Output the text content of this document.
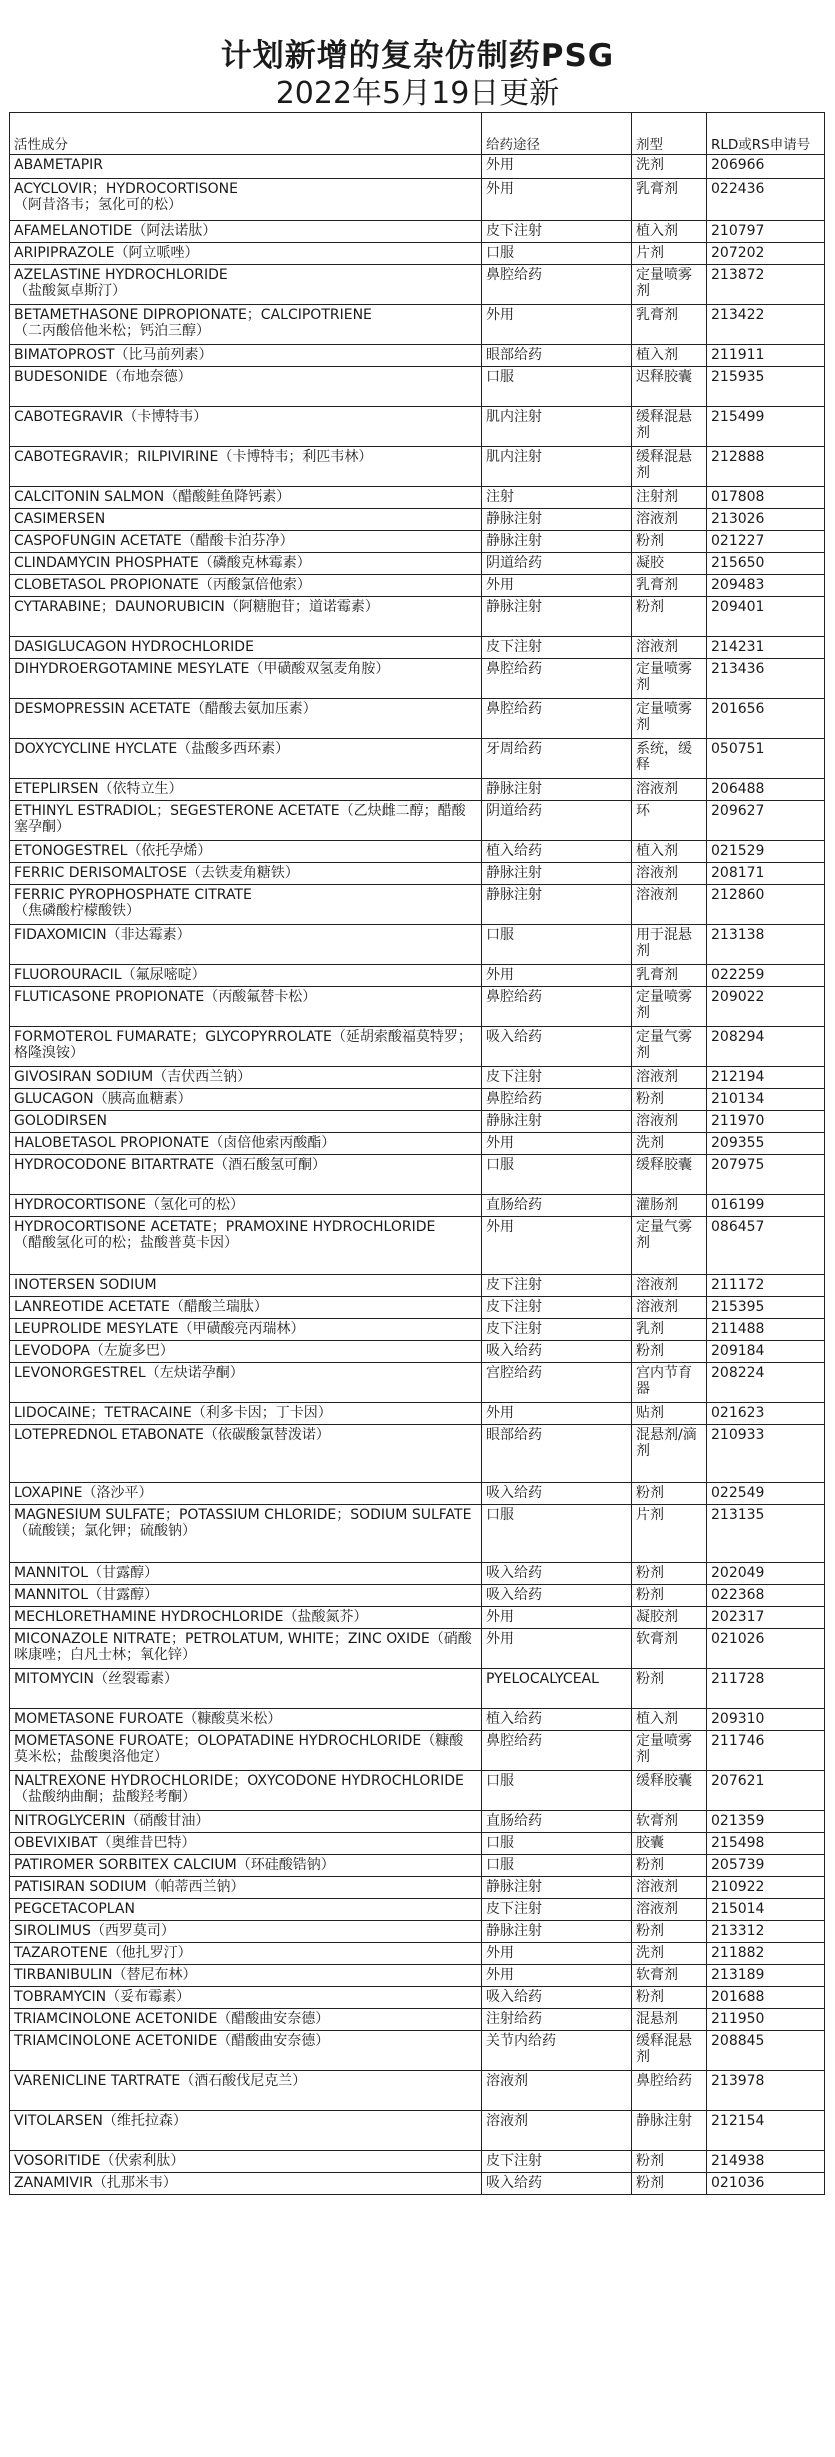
计划新增的复杂仿制药PSG
2022年5月19日更新
活性成分	给药途径	剂型	RLD或RS申请号
ABAMETAPIR	外用	洗剂	206966
ACYCLOVIR；HYDROCORTISONE
（阿昔洛韦；氢化可的松）	外用	乳膏剂	022436
AFAMELANOTIDE（阿法诺肽）	皮下注射	植入剂	210797
ARIPIPRAZOLE（阿立哌唑）	口服	片剂	207202
AZELASTINE HYDROCHLORIDE
（盐酸氮卓斯汀）	鼻腔给药	定量喷雾剂	213872
BETAMETHASONE DIPROPIONATE；CALCIPOTRIENE
（二丙酸倍他米松；钙泊三醇）	外用	乳膏剂	213422
BIMATOPROST（比马前列素）	眼部给药	植入剂	211911
BUDESONIDE（布地奈德）	口服	迟释胶囊	215935
CABOTEGRAVIR（卡博特韦）	肌内注射	缓释混悬剂	215499
CABOTEGRAVIR；RILPIVIRINE（卡博特韦；利匹韦林）	肌内注射	缓释混悬剂	212888
CALCITONIN SALMON（醋酸鲑鱼降钙素）	注射	注射剂	017808
CASIMERSEN	静脉注射	溶液剂	213026
CASPOFUNGIN ACETATE（醋酸卡泊芬净）	静脉注射	粉剂	021227
CLINDAMYCIN PHOSPHATE（磷酸克林霉素）	阴道给药	凝胶	215650
CLOBETASOL PROPIONATE（丙酸氯倍他索）	外用	乳膏剂	209483
CYTARABINE；DAUNORUBICIN（阿糖胞苷；道诺霉素）	静脉注射	粉剂	209401
DASIGLUCAGON HYDROCHLORIDE	皮下注射	溶液剂	214231
DIHYDROERGOTAMINE MESYLATE（甲磺酸双氢麦角胺）	鼻腔给药	定量喷雾剂	213436
DESMOPRESSIN ACETATE（醋酸去氨加压素）	鼻腔给药	定量喷雾剂	201656
DOXYCYCLINE HYCLATE（盐酸多西环素）	牙周给药	系统，缓释	050751
ETEPLIRSEN（依特立生）	静脉注射	溶液剂	206488
ETHINYL ESTRADIOL；SEGESTERONE ACETATE（乙炔雌二醇；醋酸塞孕酮）	阴道给药	环	209627
ETONOGESTREL（依托孕烯）	植入给药	植入剂	021529
FERRIC DERISOMALTOSE（去铁麦角糖铁）	静脉注射	溶液剂	208171
FERRIC PYROPHOSPHATE CITRATE
（焦磷酸柠檬酸铁）	静脉注射	溶液剂	212860
FIDAXOMICIN（非达霉素）	口服	用于混悬剂	213138
FLUOROURACIL（氟尿嘧啶）	外用	乳膏剂	022259
FLUTICASONE PROPIONATE（丙酸氟替卡松）	鼻腔给药	定量喷雾剂	209022
FORMOTEROL FUMARATE；GLYCOPYRROLATE（延胡索酸福莫特罗；格隆溴铵）	吸入给药	定量气雾剂	208294
GIVOSIRAN SODIUM（吉伏西兰钠）	皮下注射	溶液剂	212194
GLUCAGON（胰高血糖素）	鼻腔给药	粉剂	210134
GOLODIRSEN	静脉注射	溶液剂	211970
HALOBETASOL PROPIONATE（卤倍他索丙酸酯）	外用	洗剂	209355
HYDROCODONE BITARTRATE（酒石酸氢可酮）	口服	缓释胶囊	207975
HYDROCORTISONE（氢化可的松）	直肠给药	灌肠剂	016199
HYDROCORTISONE ACETATE；PRAMOXINE HYDROCHLORIDE
（醋酸氢化可的松；盐酸普莫卡因）	外用	定量气雾剂	086457
INOTERSEN SODIUM	皮下注射	溶液剂	211172
LANREOTIDE ACETATE（醋酸兰瑞肽）	皮下注射	溶液剂	215395
LEUPROLIDE MESYLATE（甲磺酸亮丙瑞林）	皮下注射	乳剂	211488
LEVODOPA（左旋多巴）	吸入给药	粉剂	209184
LEVONORGESTREL（左炔诺孕酮）	宫腔给药	宫内节育器	208224
LIDOCAINE；TETRACAINE（利多卡因；丁卡因）	外用	贴剂	021623
LOTEPREDNOL ETABONATE（依碳酸氯替泼诺）	眼部给药	混悬剂/滴剂	210933
LOXAPINE（洛沙平）	吸入给药	粉剂	022549
MAGNESIUM SULFATE；POTASSIUM CHLORIDE；SODIUM SULFATE
（硫酸镁；氯化钾；硫酸钠）	口服	片剂	213135
MANNITOL（甘露醇）	吸入给药	粉剂	202049
MANNITOL（甘露醇）	吸入给药	粉剂	022368
MECHLORETHAMINE HYDROCHLORIDE（盐酸氮芥）	外用	凝胶剂	202317
MICONAZOLE NITRATE；PETROLATUM, WHITE；ZINC OXIDE（硝酸咪康唑；白凡士林；氧化锌）	外用	软膏剂	021026
MITOMYCIN（丝裂霉素）	PYELOCALYCEAL	粉剂	211728
MOMETASONE FUROATE（糠酸莫米松）	植入给药	植入剂	209310
MOMETASONE FUROATE；OLOPATADINE HYDROCHLORIDE（糠酸莫米松；盐酸奥洛他定）	鼻腔给药	定量喷雾剂	211746
NALTREXONE HYDROCHLORIDE；OXYCODONE HYDROCHLORIDE（盐酸纳曲酮；盐酸羟考酮）	口服	缓释胶囊	207621
NITROGLYCERIN（硝酸甘油）	直肠给药	软膏剂	021359
OBEVIXIBAT（奥维昔巴特）	口服	胶囊	215498
PATIROMER SORBITEX CALCIUM（环硅酸锆钠）	口服	粉剂	205739
PATISIRAN SODIUM（帕蒂西兰钠）	静脉注射	溶液剂	210922
PEGCETACOPLAN	皮下注射	溶液剂	215014
SIROLIMUS（西罗莫司）	静脉注射	粉剂	213312
TAZAROTENE（他扎罗汀）	外用	洗剂	211882
TIRBANIBULIN（替尼布林）	外用	软膏剂	213189
TOBRAMYCIN（妥布霉素）	吸入给药	粉剂	201688
TRIAMCINOLONE ACETONIDE（醋酸曲安奈德）	注射给药	混悬剂	211950
TRIAMCINOLONE ACETONIDE（醋酸曲安奈德）	关节内给药	缓释混悬剂	208845
VARENICLINE TARTRATE（酒石酸伐尼克兰）	溶液剂	鼻腔给药	213978
VITOLARSEN（维托拉森）	溶液剂	静脉注射	212154
VOSORITIDE（伏索利肽）	皮下注射	粉剂	214938
ZANAMIVIR（扎那米韦）	吸入给药	粉剂	021036
